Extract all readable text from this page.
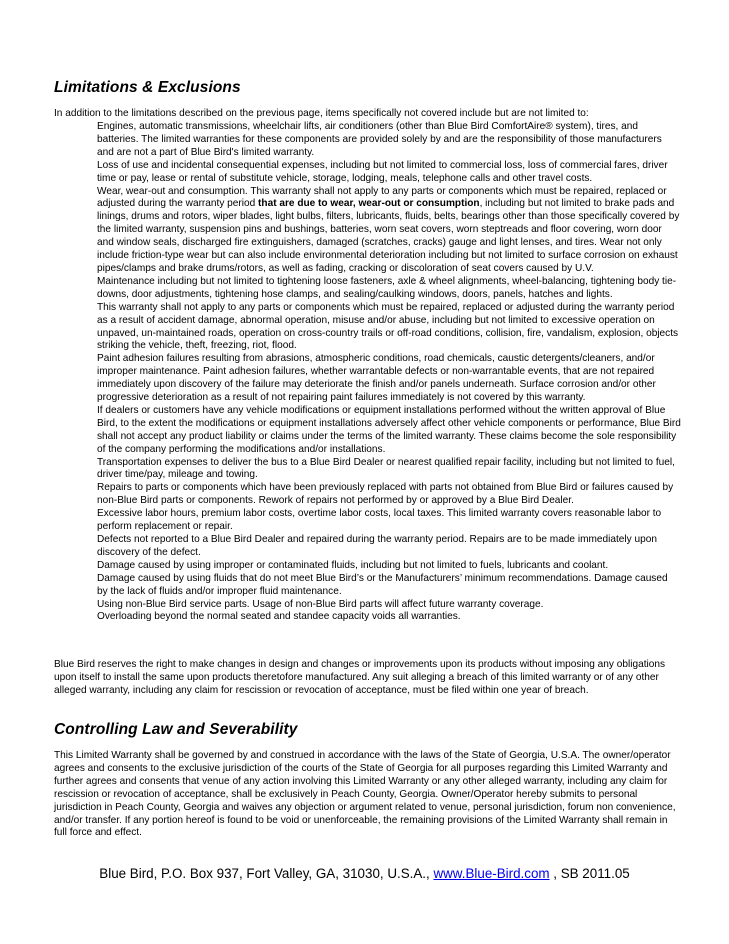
Limitations & Exclusions

In addition to the limitations described on the previous page, items specifically not covered include but are not limited to:

Engines, automatic transmissions, wheelchair lifts, air conditioners (other than Blue Bird ComfortAire® system), tires, and batteries. The limited warranties for these components are provided solely by and are the responsibility of those manufacturers and are not a part of Blue Bird's limited warranty.
Loss of use and incidental consequential expenses, including but not limited to commercial loss, loss of commercial fares, driver time or pay, lease or rental of substitute vehicle, storage, lodging, meals, telephone calls and other travel costs.
Wear, wear-out and consumption. This warranty shall not apply to any parts or components which must be repaired, replaced or adjusted during the warranty period that are due to wear, wear-out or consumption, including but not limited to brake pads and linings, drums and rotors, wiper blades, light bulbs, filters, lubricants, fluids, belts, bearings other than those specifically covered by the limited warranty, suspension pins and bushings, batteries, worn seat covers, worn steptreads and floor covering, worn door and window seals, discharged fire extinguishers, damaged (scratches, cracks) gauge and light lenses, and tires. Wear not only include friction-type wear but can also include environmental deterioration including but not limited to surface corrosion on exhaust pipes/clamps and brake drums/rotors, as well as fading, cracking or discoloration of seat covers caused by U.V.
Maintenance including but not limited to tightening loose fasteners, axle & wheel alignments, wheel-balancing, tightening body tie-downs, door adjustments, tightening hose clamps, and sealing/caulking windows, doors, panels, hatches and lights.
This warranty shall not apply to any parts or components which must be repaired, replaced or adjusted during the warranty period as a result of accident damage, abnormal operation, misuse and/or abuse, including but not limited to excessive operation on unpaved, un-maintained roads, operation on cross-country trails or off-road conditions, collision, fire, vandalism, explosion, objects striking the vehicle, theft, freezing, riot, flood.
Paint adhesion failures resulting from abrasions, atmospheric conditions, road chemicals, caustic detergents/cleaners, and/or improper maintenance. Paint adhesion failures, whether warrantable defects or non-warrantable events, that are not repaired immediately upon discovery of the failure may deteriorate the finish and/or panels underneath. Surface corrosion and/or other progressive deterioration as a result of not repairing paint failures immediately is not covered by this warranty.
If dealers or customers have any vehicle modifications or equipment installations performed without the written approval of Blue Bird, to the extent the modifications or equipment installations adversely affect other vehicle components or performance, Blue Bird shall not accept any product liability or claims under the terms of the limited warranty. These claims become the sole responsibility of the company performing the modifications and/or installations.
Transportation expenses to deliver the bus to a Blue Bird Dealer or nearest qualified repair facility, including but not limited to fuel, driver time/pay, mileage and towing.
Repairs to parts or components which have been previously replaced with parts not obtained from Blue Bird or failures caused by non-Blue Bird parts or components. Rework of repairs not performed by or approved by a Blue Bird Dealer.
Excessive labor hours, premium labor costs, overtime labor costs, local taxes. This limited warranty covers reasonable labor to perform replacement or repair.
Defects not reported to a Blue Bird Dealer and repaired during the warranty period. Repairs are to be made immediately upon discovery of the defect.
Damage caused by using improper or contaminated fluids, including but not limited to fuels, lubricants and coolant.
Damage caused by using fluids that do not meet Blue Bird’s or the Manufacturers’ minimum recommendations. Damage caused by the lack of fluids and/or improper fluid maintenance.
Using non-Blue Bird service parts. Usage of non-Blue Bird parts will affect future warranty coverage.
Overloading beyond the normal seated and standee capacity voids all warranties.

Blue Bird reserves the right to make changes in design and changes or improvements upon its products without imposing any obligations upon itself to install the same upon products theretofore manufactured. Any suit alleging a breach of this limited warranty or of any other alleged warranty, including any claim for rescission or revocation of acceptance, must be filed within one year of breach.

Controlling Law and Severability

This Limited Warranty shall be governed by and construed in accordance with the laws of the State of Georgia, U.S.A. The owner/operator agrees and consents to the exclusive jurisdiction of the courts of the State of Georgia for all purposes regarding this Limited Warranty and further agrees and consents that venue of any action involving this Limited Warranty or any other alleged warranty, including any claim for rescission or revocation of acceptance, shall be exclusively in Peach County, Georgia. Owner/Operator hereby submits to personal jurisdiction in Peach County, Georgia and waives any objection or argument related to venue, personal jurisdiction, forum non convenience, and/or transfer. If any portion hereof is found to be void or unenforceable, the remaining provisions of the Limited Warranty shall remain in full force and effect.

Blue Bird, P.O. Box 937, Fort Valley, GA, 31030, U.S.A., www.Blue-Bird.com , SB 2011.05
